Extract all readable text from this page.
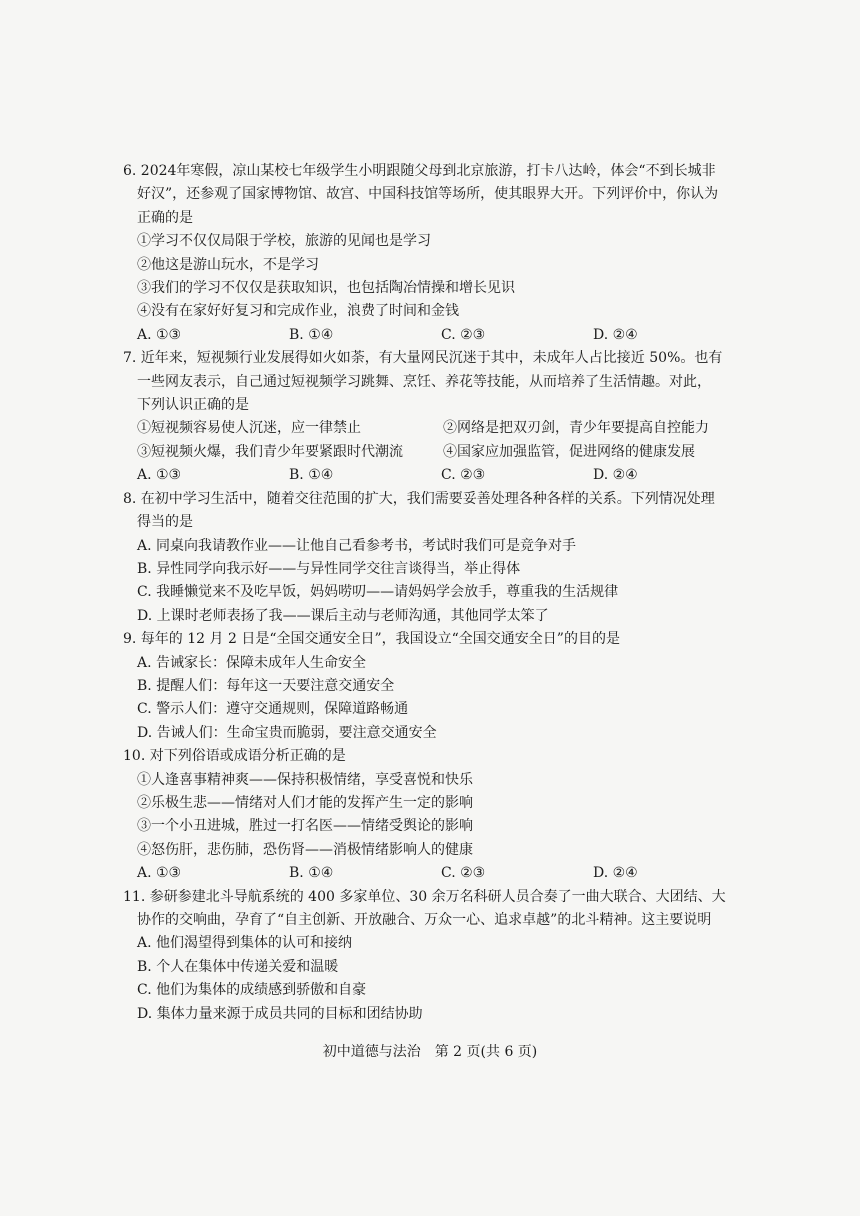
6. 2024年寒假，凉山某校七年级学生小明跟随父母到北京旅游，打卡八达岭，体会“不到长城非
好汉”，还参观了国家博物馆、故宫、中国科技馆等场所，使其眼界大开。下列评价中，你认为
正确的是
①学习不仅仅局限于学校，旅游的见闻也是学习
②他这是游山玩水，不是学习
③我们的学习不仅仅是获取知识，也包括陶冶情操和增长见识
④没有在家好好复习和完成作业，浪费了时间和金钱
A. ①③	B. ①④	C. ②③	D. ②④
7. 近年来，短视频行业发展得如火如荼，有大量网民沉迷于其中，未成年人占比接近 50%。也有
一些网友表示，自己通过短视频学习跳舞、烹饪、养花等技能，从而培养了生活情趣。对此，
下列认识正确的是
①短视频容易使人沉迷，应一律禁止	②网络是把双刃剑，青少年要提高自控能力
③短视频火爆，我们青少年要紧跟时代潮流	④国家应加强监管，促进网络的健康发展
A. ①③	B. ①④	C. ②③	D. ②④
8. 在初中学习生活中，随着交往范围的扩大，我们需要妥善处理各种各样的关系。下列情况处理
得当的是
A. 同桌向我请教作业——让他自己看参考书，考试时我们可是竞争对手
B. 异性同学向我示好——与异性同学交往言谈得当，举止得体
C. 我睡懒觉来不及吃早饭，妈妈唠叨——请妈妈学会放手，尊重我的生活规律
D. 上课时老师表扬了我——课后主动与老师沟通，其他同学太笨了
9. 每年的 12 月 2 日是“全国交通安全日”，我国设立“全国交通安全日”的目的是
A. 告诫家长：保障未成年人生命安全
B. 提醒人们：每年这一天要注意交通安全
C. 警示人们：遵守交通规则，保障道路畅通
D. 告诫人们：生命宝贵而脆弱，要注意交通安全
10. 对下列俗语或成语分析正确的是
①人逢喜事精神爽——保持积极情绪，享受喜悦和快乐
②乐极生悲——情绪对人们才能的发挥产生一定的影响
③一个小丑进城，胜过一打名医——情绪受舆论的影响
④怒伤肝，悲伤肺，恐伤肾——消极情绪影响人的健康
A. ①③	B. ①④	C. ②③	D. ②④
11. 参研参建北斗导航系统的 400 多家单位、30 余万名科研人员合奏了一曲大联合、大团结、大
协作的交响曲，孕育了“自主创新、开放融合、万众一心、追求卓越”的北斗精神。这主要说明
A. 他们渴望得到集体的认可和接纳
B. 个人在集体中传递关爱和温暖
C. 他们为集体的成绩感到骄傲和自豪
D. 集体力量来源于成员共同的目标和团结协助
初中道德与法治　第 2 页(共 6 页)
